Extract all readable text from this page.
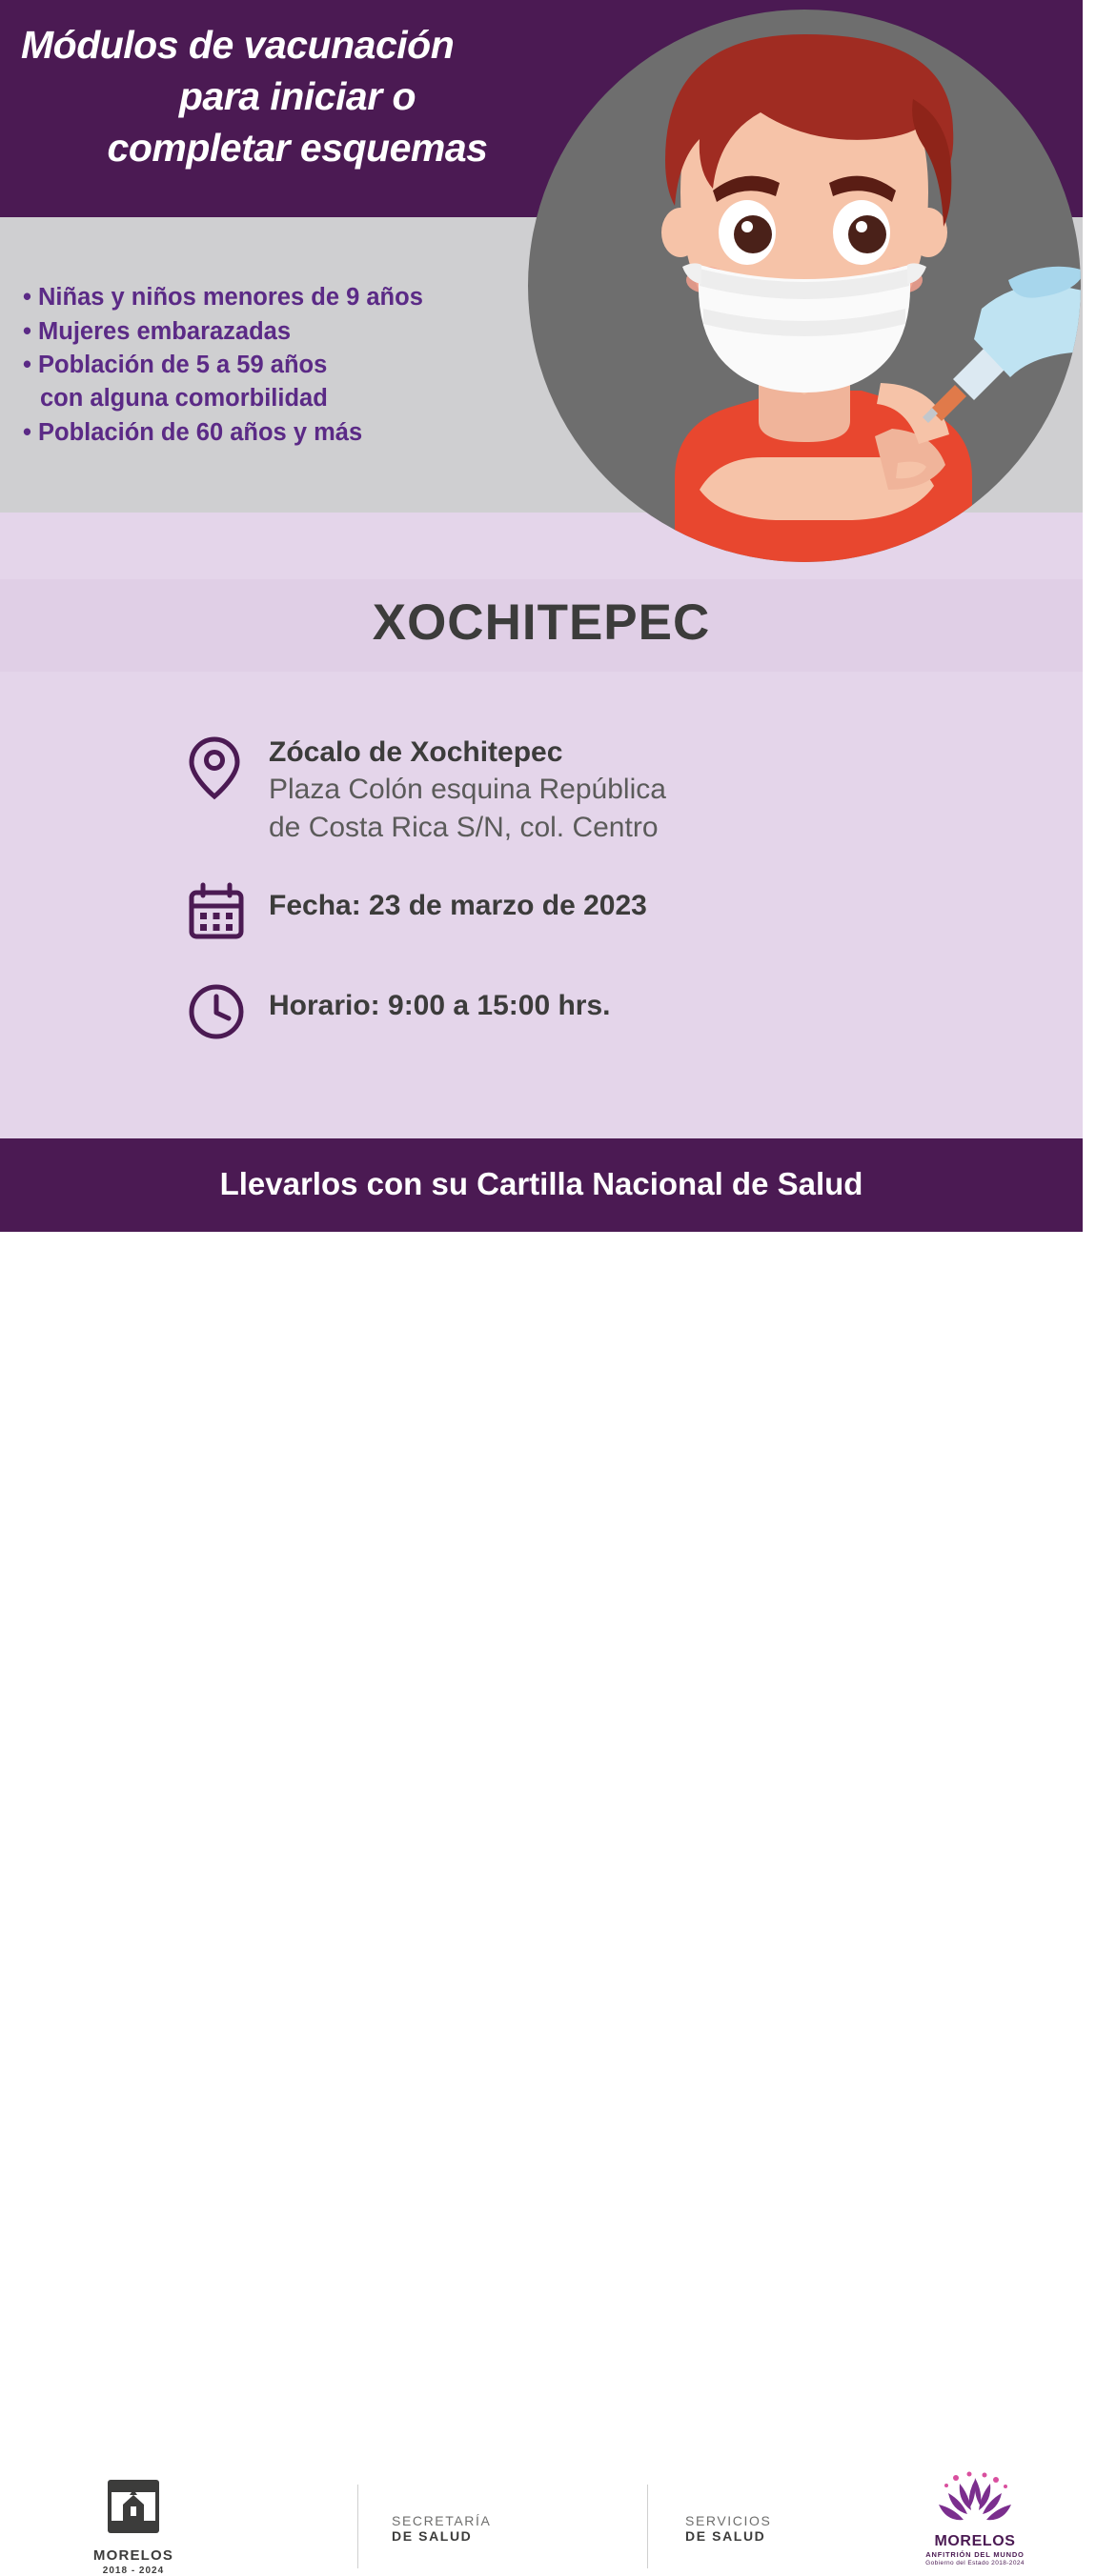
Módulos de vacunación
para iniciar o
completar esquemas
• Niñas y niños menores de 9 años
• Mujeres embarazadas
• Población de 5 a 59 años
con alguna comorbilidad
• Población de 60 años y más
XOCHITEPEC
Zócalo de Xochitepec
Plaza Colón esquina República
de Costa Rica S/N, col. Centro
Fecha: 23 de marzo de 2023
Horario: 9:00 a 15:00 hrs.
Llevarlos con su Cartilla Nacional de Salud
MORELOS
2018 - 2024
SECRETARÍA
DE SALUD
SERVICIOS
DE SALUD	MORELOS
ANFITRIÓN DEL MUNDO
Gobierno del Estado 2018-2024
